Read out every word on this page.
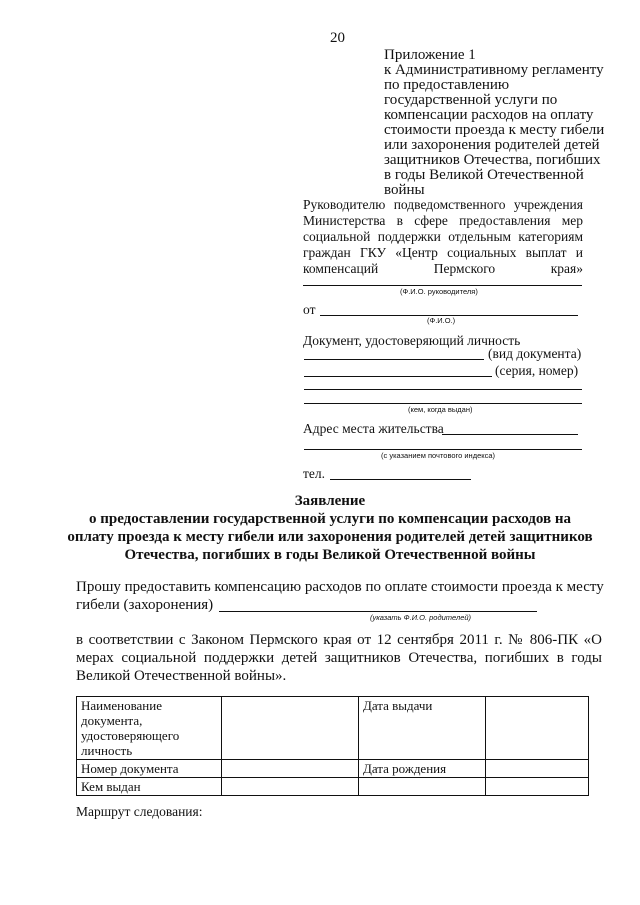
20
Приложение 1
к Административному регламенту
по предоставлению
государственной услуги по
компенсации расходов на оплату
стоимости проезда к месту гибели
или захоронения родителей детей
защитников Отечества, погибших
в годы Великой Отечественной
войны
Руководителю подведомственного учреждения
Министерства в сфере предоставления мер
социальной поддержки отдельным категориям
граждан ГКУ «Центр социальных выплат и
компенсаций Пермского края»
(Ф.И.О. руководителя)
от
(Ф.И.О.)
Документ, удостоверяющий личность
(вид документа)
(серия, номер)
(кем, когда выдан)
Адрес места жительства
(с указанием почтового индекса)
тел.
Заявление
о предоставлении государственной услуги по компенсации расходов на
оплату проезда к месту гибели или захоронения родителей детей защитников
Отечества, погибших в годы Великой Отечественной войны
Прошу предоставить компенсацию расходов по оплате стоимости проезда к месту
гибели (захоронения)
(указать Ф.И.О. родителей)
в соответствии с Законом Пермского края от 12 сентября 2011 г. № 806-ПК «О
мерах социальной поддержки детей защитников Отечества, погибших в годы
Великой Отечественной войны».
Наименование документа, удостоверяющего личность		Дата выдачи	
Номер документа		Дата рождения	
Кем выдан			
Маршрут следования:
